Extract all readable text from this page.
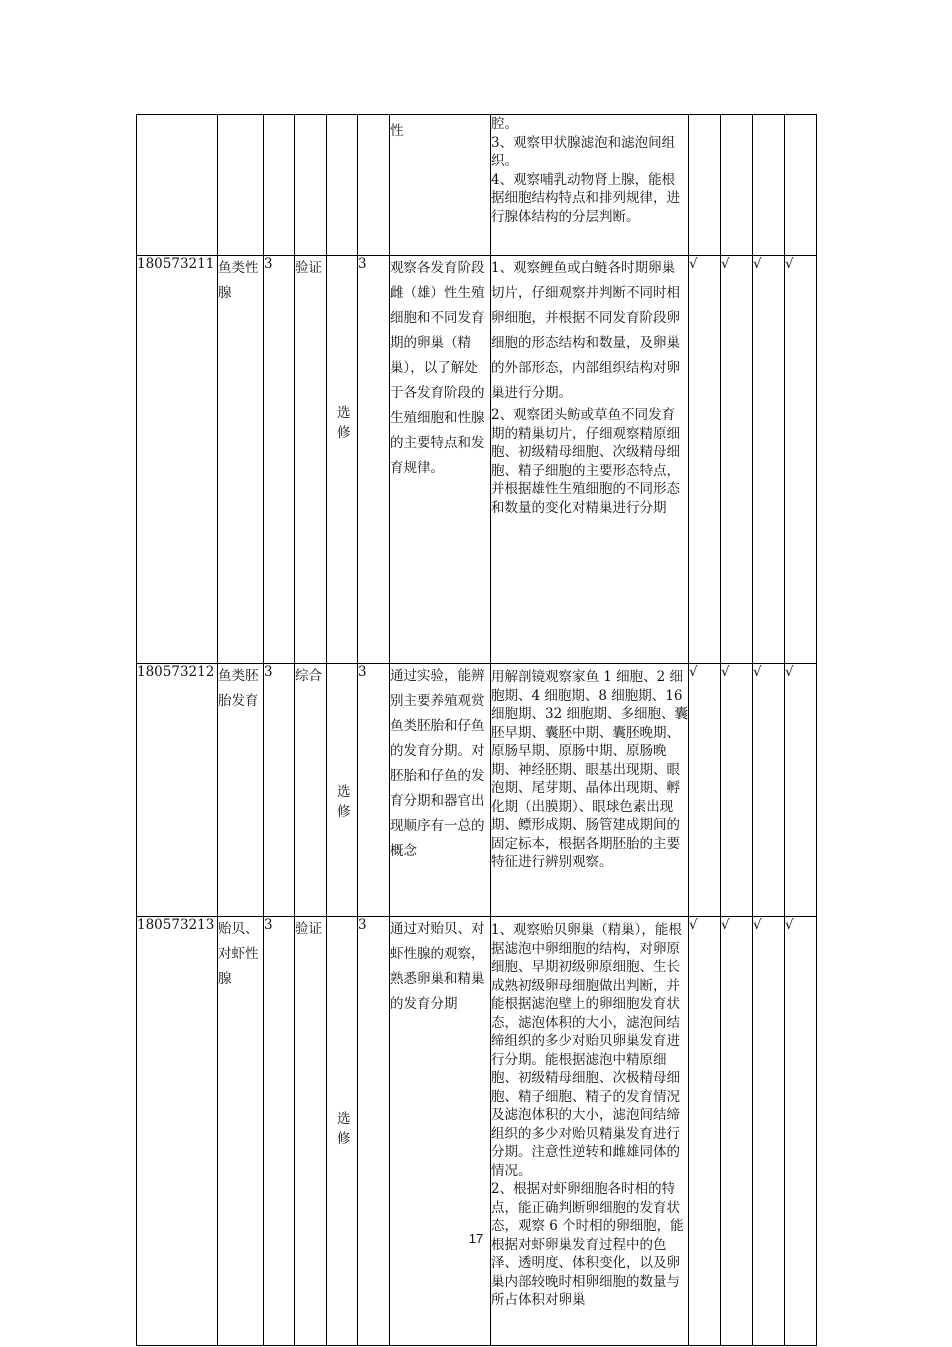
						性	腔。
3、观察甲状腺滤泡和滤泡间组织。
4、观察哺乳动物肾上腺，能根据细胞结构特点和排列规律，进行腺体结构的分层判断。				
180573211	鱼类性腺	3	验证	选修	3	观察各发育阶段雌（雄）性生殖细胞和不同发育期的卵巢（精巢），以了解处于各发育阶段的生殖细胞和性腺的主要特点和发育规律。	1、观察鲤鱼或白鲢各时期卵巢切片，仔细观察并判断不同时相卵细胞，并根据不同发育阶段卵细胞的形态结构和数量，及卵巢的外部形态，内部组织结构对卵巢进行分期。
2、观察团头鲂或草鱼不同发育期的精巢切片，仔细观察精原细胞、初级精母细胞、次级精母细胞、精子细胞的主要形态特点，并根据雄性生殖细胞的不同形态和数量的变化对精巢进行分期	√	√	√	√
180573212	鱼类胚胎发育	3	综合	选修	3	通过实验，能辨别主要养殖观赏鱼类胚胎和仔鱼的发育分期。对胚胎和仔鱼的发育分期和器官出现顺序有一总的概念	用解剖镜观察家鱼 1 细胞、2 细胞期、4 细胞期、8 细胞期、16 细胞期、32 细胞期、多细胞、囊胚早期、囊胚中期、囊胚晚期、原肠早期、原肠中期、原肠晚期、神经胚期、眼基出现期、眼泡期、尾芽期、晶体出现期、孵化期（出膜期）、眼球色素出现期、鳔形成期、肠管建成期间的固定标本，根据各期胚胎的主要特征进行辨别观察。	√	√	√	√
180573213	贻贝、对虾性腺	3	验证	选修	3	通过对贻贝、对虾性腺的观察，熟悉卵巢和精巢的发育分期	1、观察贻贝卵巢（精巢），能根据滤泡中卵细胞的结构，对卵原细胞、早期初级卵原细胞、生长成熟初级卵母细胞做出判断，并能根据滤泡壁上的卵细胞发育状态，滤泡体积的大小，滤泡间结缔组织的多少对贻贝卵巢发育进行分期。能根据滤泡中精原细胞、初级精母细胞、次极精母细胞、精子细胞、精子的发育情况及滤泡体积的大小，滤泡间结缔组织的多少对贻贝精巢发育进行分期。注意性逆转和雌雄同体的情况。
2、根据对虾卵细胞各时相的特点，能正确判断卵细胞的发育状态，观察 6 个时相的卵细胞，能根据对虾卵巢发育过程中的色泽、透明度、体积变化，以及卵巢内部较晚时相卵细胞的数量与所占体积对卵巢	√	√	√	√
17
